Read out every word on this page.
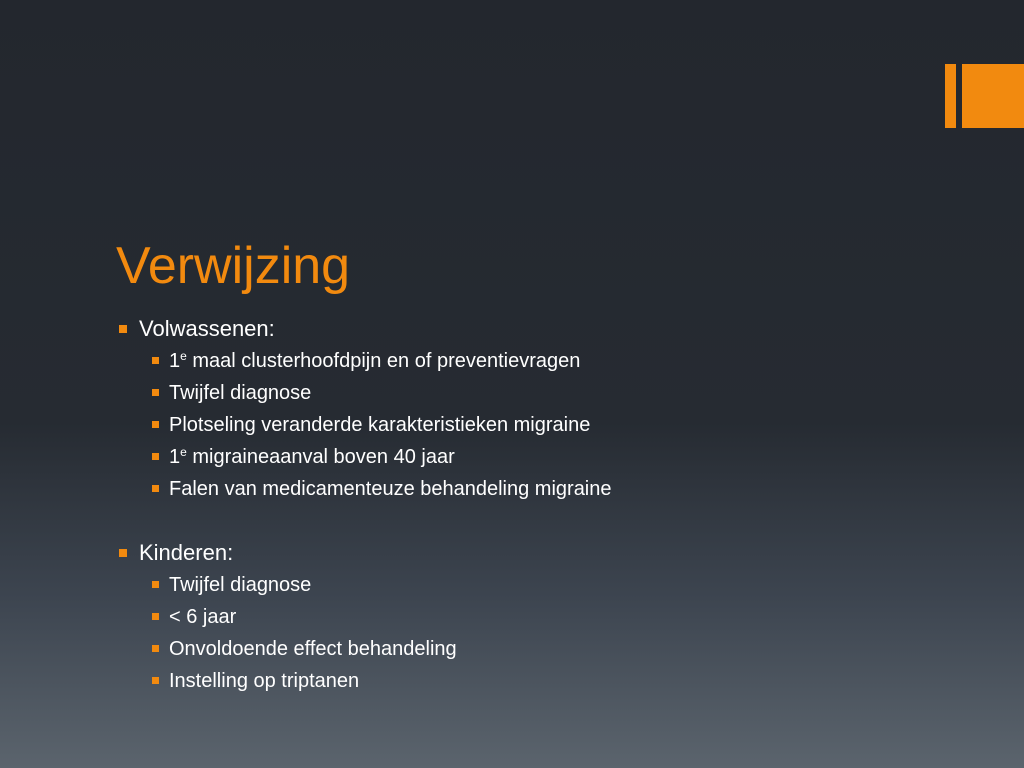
Verwijzing
Volwassenen:
1e maal clusterhoofdpijn en of preventievragen
Twijfel diagnose
Plotseling veranderde karakteristieken migraine
1e migraineaanval boven 40 jaar
Falen van medicamenteuze behandeling migraine
Kinderen:
Twijfel diagnose
< 6 jaar
Onvoldoende effect behandeling
Instelling op triptanen
